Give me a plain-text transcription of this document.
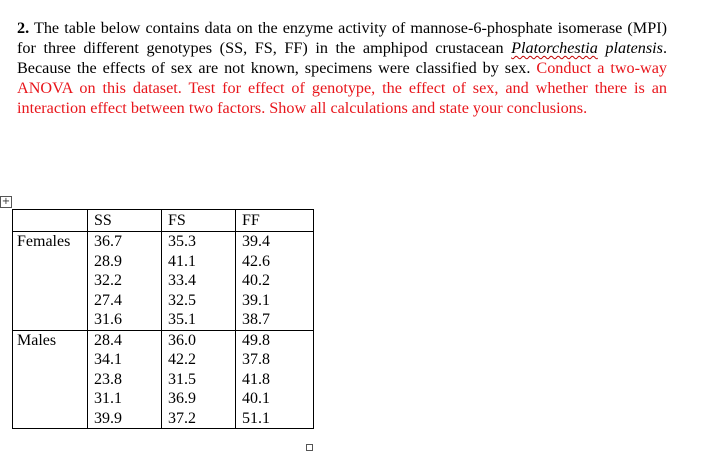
2. The table below contains data on the enzyme activity of mannose-6-phosphate isomerase (MPI) for three different genotypes (SS, FS, FF) in the amphipod crustacean Platorchestia platensis. Because the effects of sex are not known, specimens were classified by sex. Conduct a two-way ANOVA on this dataset. Test for effect of genotype, the effect of sex, and whether there is an interaction effect between two factors. Show all calculations and state your conclusions.
+
	SS	FS	FF
Females	36.7	35.3	39.4
	28.9	41.1	42.6
	32.2	33.4	40.2
	27.4	32.5	39.1
	31.6	35.1	38.7
Males	28.4	36.0	49.8
	34.1	42.2	37.8
	23.8	31.5	41.8
	31.1	36.9	40.1
	39.9	37.2	51.1
